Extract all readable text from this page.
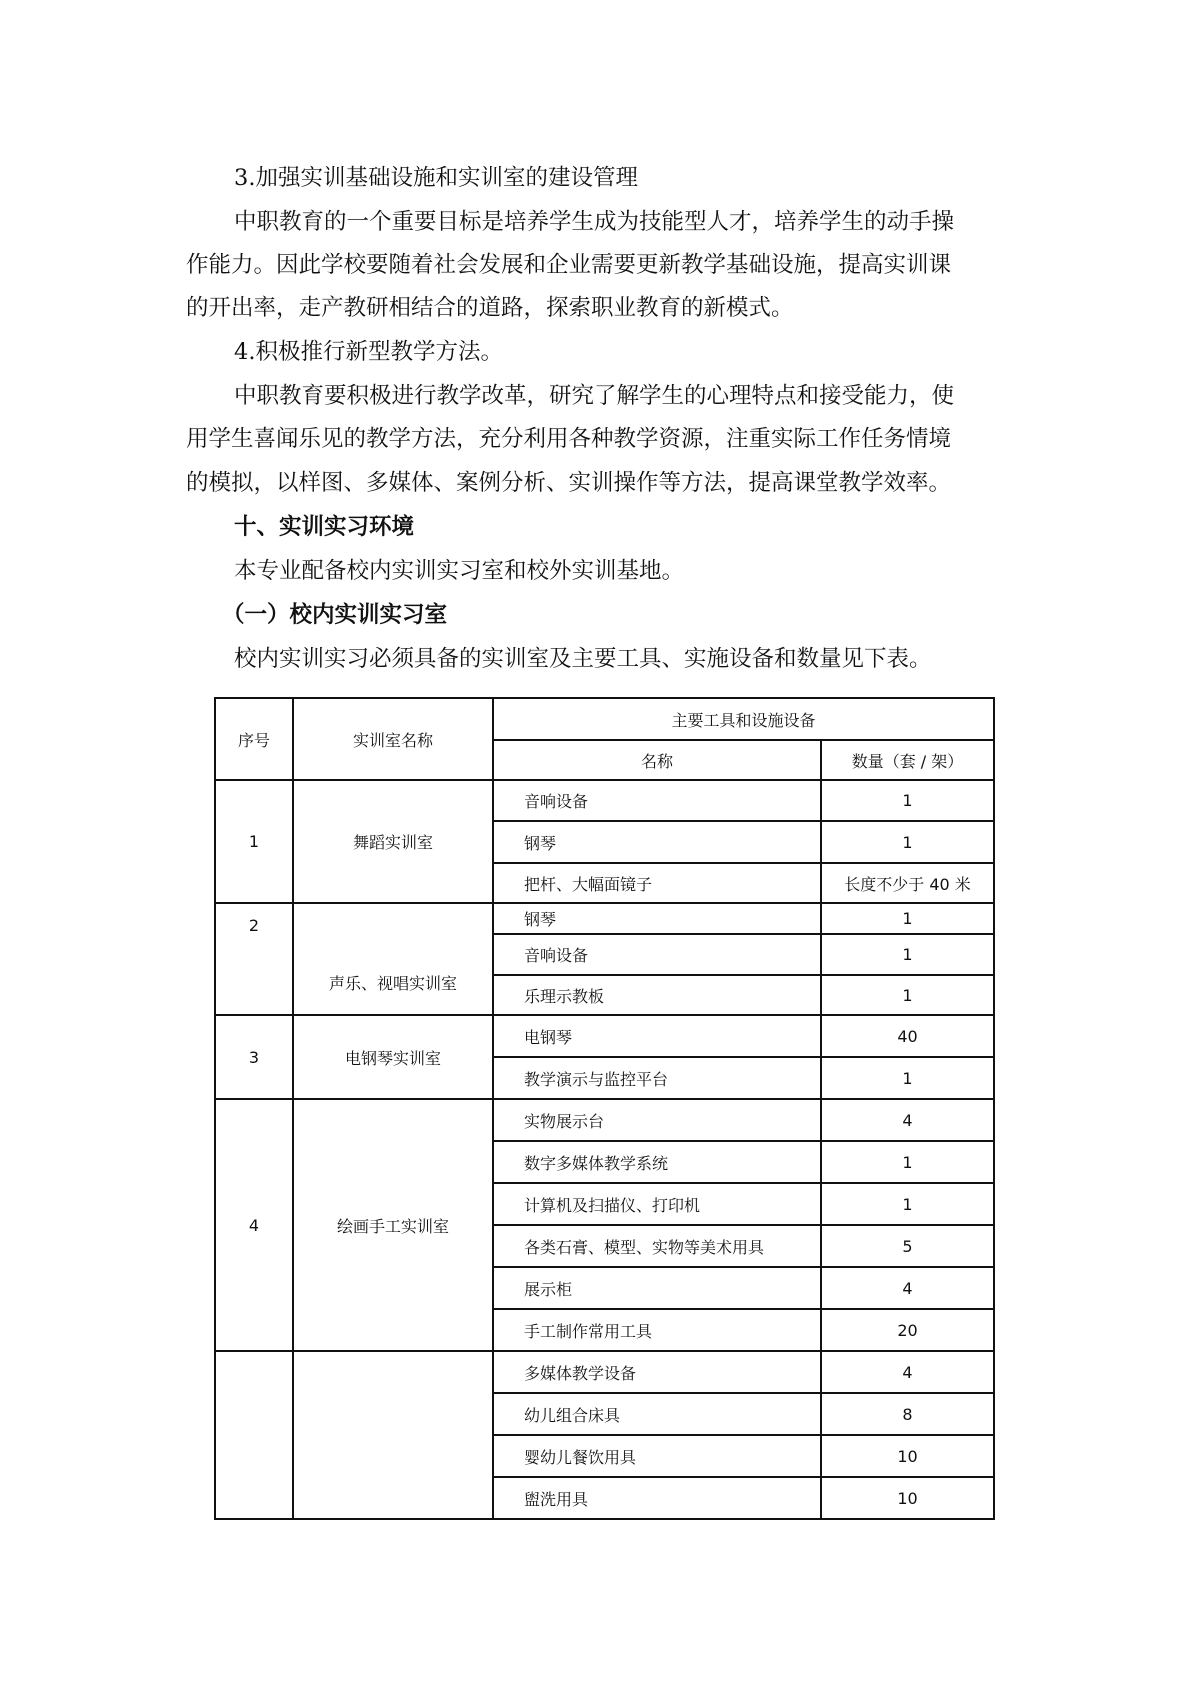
3.加强实训基础设施和实训室的建设管理
中职教育的一个重要目标是培养学生成为技能型人才，培养学生的动手操
作能力。因此学校要随着社会发展和企业需要更新教学基础设施，提高实训课
的开出率，走产教研相结合的道路，探索职业教育的新模式。
4.积极推行新型教学方法。
中职教育要积极进行教学改革，研究了解学生的心理特点和接受能力，使
用学生喜闻乐见的教学方法，充分利用各种教学资源，注重实际工作任务情境
的模拟，以样图、多媒体、案例分析、实训操作等方法，提高课堂教学效率。
十、实训实习环境
本专业配备校内实训实习室和校外实训基地。
（一）校内实训实习室
校内实训实习必须具备的实训室及主要工具、实施设备和数量见下表。
序号	实训室名称	主要工具和设施设备	
		名称	数量（套 / 架）
1	舞蹈实训室	音响设备	1
		钢琴	1
		把杆、大幅面镜子	长度不少于 40 米
2	声乐、视唱实训室	钢琴	1
		音响设备	1
		乐理示教板	1
3	电钢琴实训室	电钢琴	40
		教学演示与监控平台	1
4	绘画手工实训室	实物展示台	4
		数字多媒体教学系统	1
		计算机及扫描仪、打印机	1
		各类石膏、模型、实物等美术用具	5
		展示柜	4
		手工制作常用工具	20
		多媒体教学设备	4
		幼儿组合床具	8
		婴幼儿餐饮用具	10
		盥洗用具	10
